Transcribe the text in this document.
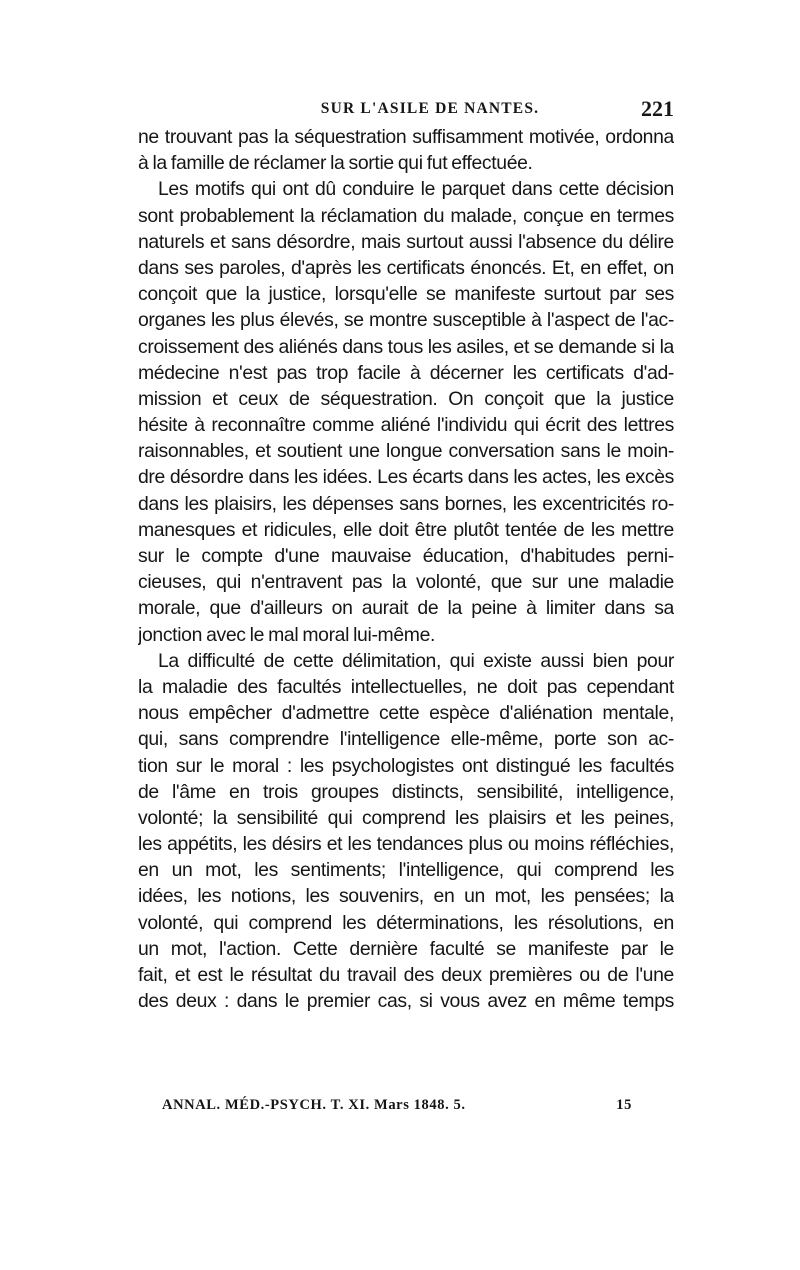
SUR L'ASILE DE NANTES.	221
ne trouvant pas la séquestration suffisamment motivée, ordonna
à la famille de réclamer la sortie qui fut effectuée.
Les motifs qui ont dû conduire le parquet dans cette décision
sont probablement la réclamation du malade, conçue en termes
naturels et sans désordre, mais surtout aussi l'absence du délire
dans ses paroles, d'après les certificats énoncés. Et, en effet, on
conçoit que la justice, lorsqu'elle se manifeste surtout par ses
organes les plus élevés, se montre susceptible à l'aspect de l'ac-
croissement des aliénés dans tous les asiles, et se demande si la
médecine n'est pas trop facile à décerner les certificats d'ad-
mission et ceux de séquestration. On conçoit que la justice
hésite à reconnaître comme aliéné l'individu qui écrit des lettres
raisonnables, et soutient une longue conversation sans le moin-
dre désordre dans les idées. Les écarts dans les actes, les excès
dans les plaisirs, les dépenses sans bornes, les excentricités ro-
manesques et ridicules, elle doit être plutôt tentée de les mettre
sur le compte d'une mauvaise éducation, d'habitudes perni-
cieuses, qui n'entravent pas la volonté, que sur une maladie
morale, que d'ailleurs on aurait de la peine à limiter dans sa
jonction avec le mal moral lui-même.
La difficulté de cette délimitation, qui existe aussi bien pour
la maladie des facultés intellectuelles, ne doit pas cependant
nous empêcher d'admettre cette espèce d'aliénation mentale,
qui, sans comprendre l'intelligence elle-même, porte son ac-
tion sur le moral : les psychologistes ont distingué les facultés
de l'âme en trois groupes distincts, sensibilité, intelligence,
volonté; la sensibilité qui comprend les plaisirs et les peines,
les appétits, les désirs et les tendances plus ou moins réfléchies,
en un mot, les sentiments; l'intelligence, qui comprend les
idées, les notions, les souvenirs, en un mot, les pensées; la
volonté, qui comprend les déterminations, les résolutions, en
un mot, l'action. Cette dernière faculté se manifeste par le
fait, et est le résultat du travail des deux premières ou de l'une
des deux : dans le premier cas, si vous avez en même temps
ANNAL. MÉD.-PSYCH. T. XI. Mars 1848. 5.	15
